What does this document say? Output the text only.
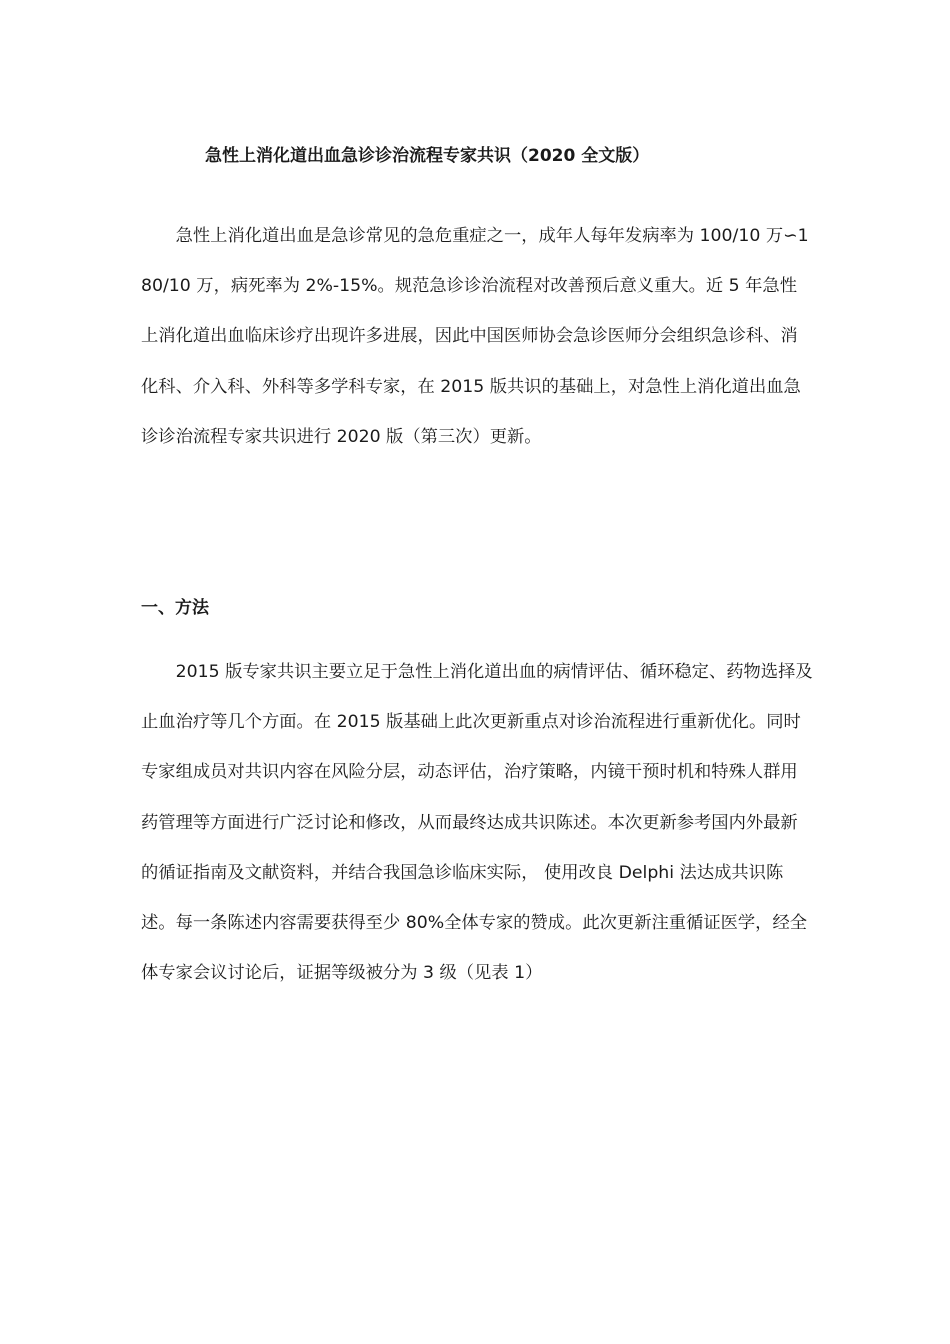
急性上消化道出血急诊诊治流程专家共识（2020 全文版）

急性上消化道出血是急诊常见的急危重症之一，成年人每年发病率为 100/10 万∽180/10 万，病死率为 2%-15%。规范急诊诊治流程对改善预后意义重大。近 5 年急性上消化道出血临床诊疗出现许多进展，因此中国医师协会急诊医师分会组织急诊科、消化科、介入科、外科等多学科专家，在 2015 版共识的基础上，对急性上消化道出血急诊诊治流程专家共识进行 2020 版（第三次）更新。

一、方法

2015 版专家共识主要立足于急性上消化道出血的病情评估、循环稳定、药物选择及止血治疗等几个方面。在 2015 版基础上此次更新重点对诊治流程进行重新优化。同时专家组成员对共识内容在风险分层，动态评估，治疗策略，内镜干预时机和特殊人群用药管理等方面进行广泛讨论和修改，从而最终达成共识陈述。本次更新参考国内外最新的循证指南及文献资料，并结合我国急诊临床实际， 使用改良 Delphi 法达成共识陈述。每一条陈述内容需要获得至少 80%全体专家的赞成。此次更新注重循证医学，经全体专家会议讨论后，证据等级被分为 3 级（见表 1）
